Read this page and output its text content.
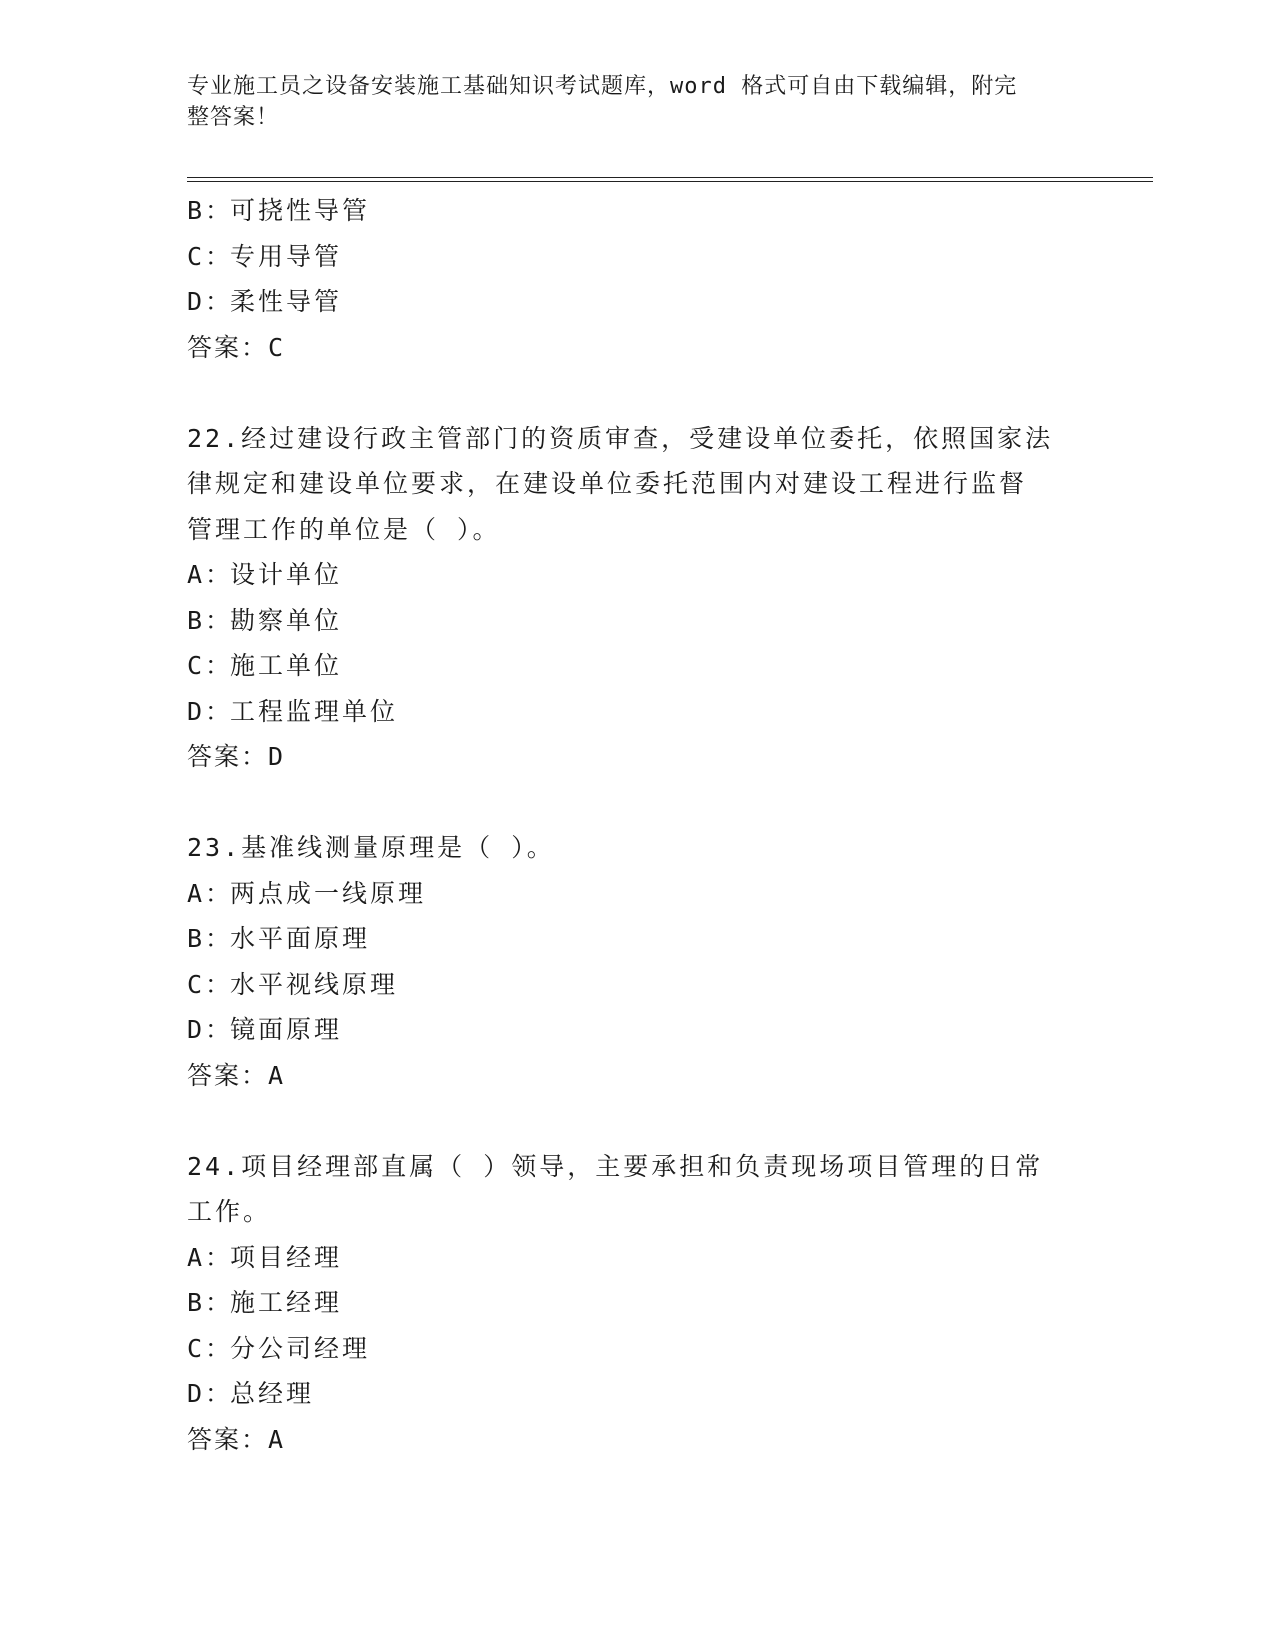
专业施工员之设备安装施工基础知识考试题库，word 格式可自由下载编辑，附完
整答案！
B：
可挠性导管
C：
专用导管
D：
柔性导管
答案：C
22.经过建设行政主管部门的资质审查，受建设单位委托，依照国家法
律规定和建设单位要求，在建设单位委托范围内对建设工程进行监督
管理工作的单位是（ ）。
A：
设计单位
B：
勘察单位
C：
施工单位
D：
工程监理单位
答案：D
23.基准线测量原理是（ ）。
A：
两点成一线原理
B：
水平面原理
C：
水平视线原理
D：
镜面原理
答案：A
24.项目经理部直属（ ）领导，主要承担和负责现场项目管理的日常
工作。
A：
项目经理
B：
施工经理
C：
分公司经理
D：
总经理
答案：A
